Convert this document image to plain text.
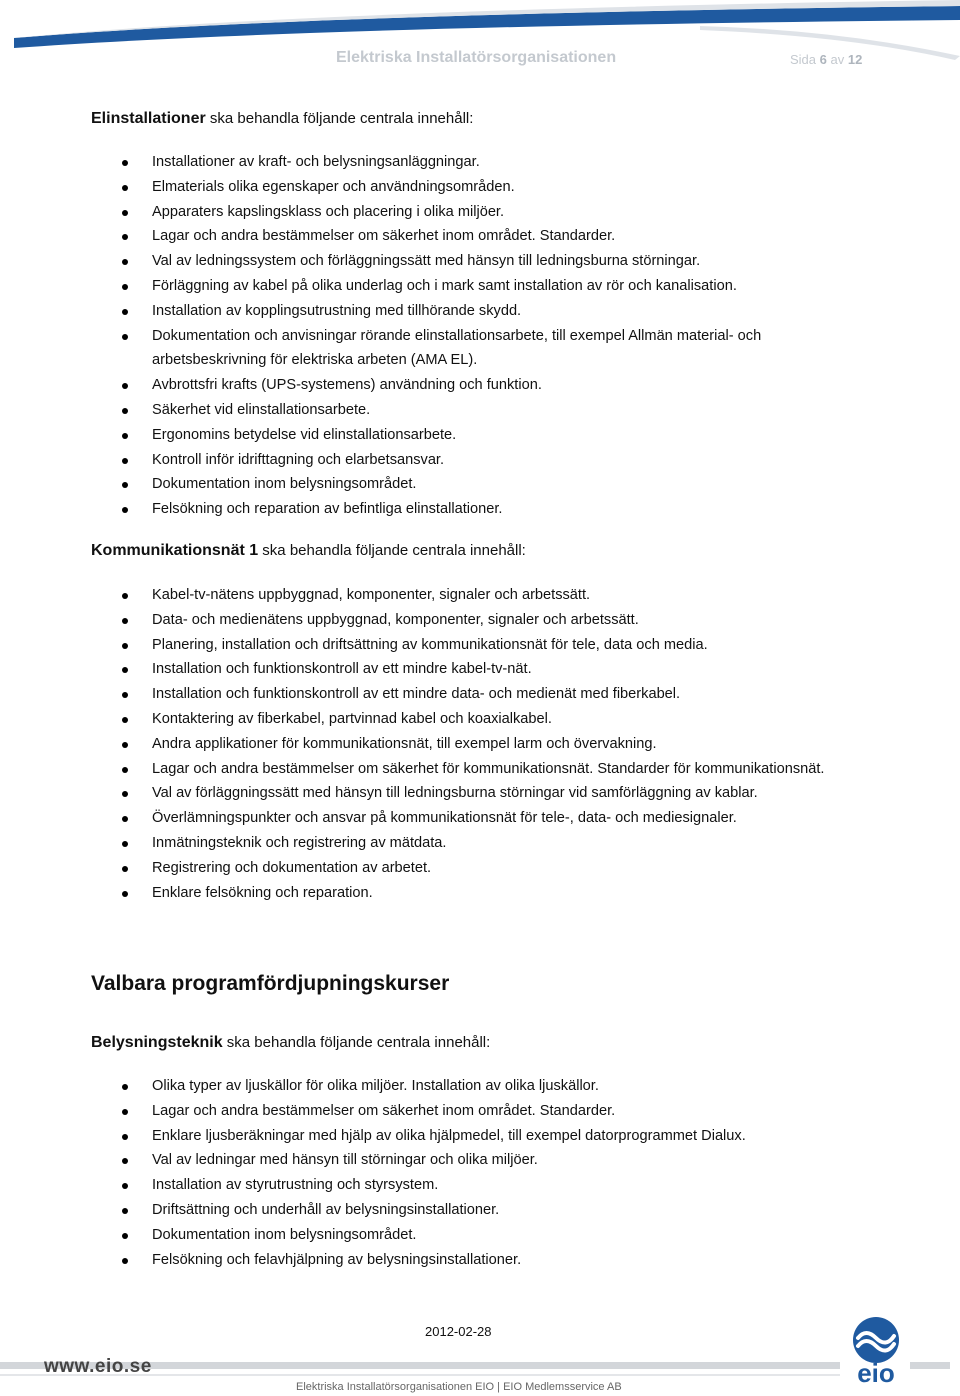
Elektriska Installatörsorganisationen	Sida 6 av 12
Elinstallationer ska behandla följande centrala innehåll:
Installationer av kraft- och belysningsanläggningar.
Elmaterials olika egenskaper och användningsområden.
Apparaters kapslingsklass och placering i olika miljöer.
Lagar och andra bestämmelser om säkerhet inom området. Standarder.
Val av ledningssystem och förläggningssätt med hänsyn till ledningsburna störningar.
Förläggning av kabel på olika underlag och i mark samt installation av rör och kanalisation.
Installation av kopplingsutrustning med tillhörande skydd.
Dokumentation och anvisningar rörande elinstallationsarbete, till exempel Allmän material- och arbetsbeskrivning för elektriska arbeten (AMA EL).
Avbrottsfri krafts (UPS-systemens) användning och funktion.
Säkerhet vid elinstallationsarbete.
Ergonomins betydelse vid elinstallationsarbete.
Kontroll inför idrifttagning och elarbetsansvar.
Dokumentation inom belysningsområdet.
Felsökning och reparation av befintliga elinstallationer.
Kommunikationsnät 1 ska behandla följande centrala innehåll:
Kabel-tv-nätens uppbyggnad, komponenter, signaler och arbetssätt.
Data- och medienätens uppbyggnad, komponenter, signaler och arbetssätt.
Planering, installation och driftsättning av kommunikationsnät för tele, data och media.
Installation och funktionskontroll av ett mindre kabel-tv-nät.
Installation och funktionskontroll av ett mindre data- och medienät med fiberkabel.
Kontaktering av fiberkabel, partvinnad kabel och koaxialkabel.
Andra applikationer för kommunikationsnät, till exempel larm och övervakning.
Lagar och andra bestämmelser om säkerhet för kommunikationsnät. Standarder för kommunikationsnät.
Val av förläggningssätt med hänsyn till ledningsburna störningar vid samförläggning av kablar.
Överlämningspunkter och ansvar på kommunikationsnät för tele-, data- och mediesignaler.
Inmätningsteknik och registrering av mätdata.
Registrering och dokumentation av arbetet.
Enklare felsökning och reparation.
Valbara programfördjupningskurser
Belysningsteknik ska behandla följande centrala innehåll:
Olika typer av ljuskällor för olika miljöer. Installation av olika ljuskällor.
Lagar och andra bestämmelser om säkerhet inom området. Standarder.
Enklare ljusberäkningar med hjälp av olika hjälpmedel, till exempel datorprogrammet Dialux.
Val av ledningar med hänsyn till störningar och olika miljöer.
Installation av styrutrustning och styrsystem.
Driftsättning och underhåll av belysningsinstallationer.
Dokumentation inom belysningsområdet.
Felsökning och felavhjälpning av belysningsinstallationer.
2012-02-28
www.eio.se
Elektriska Installatörsorganisationen EIO | EIO Medlemsservice AB	eio
